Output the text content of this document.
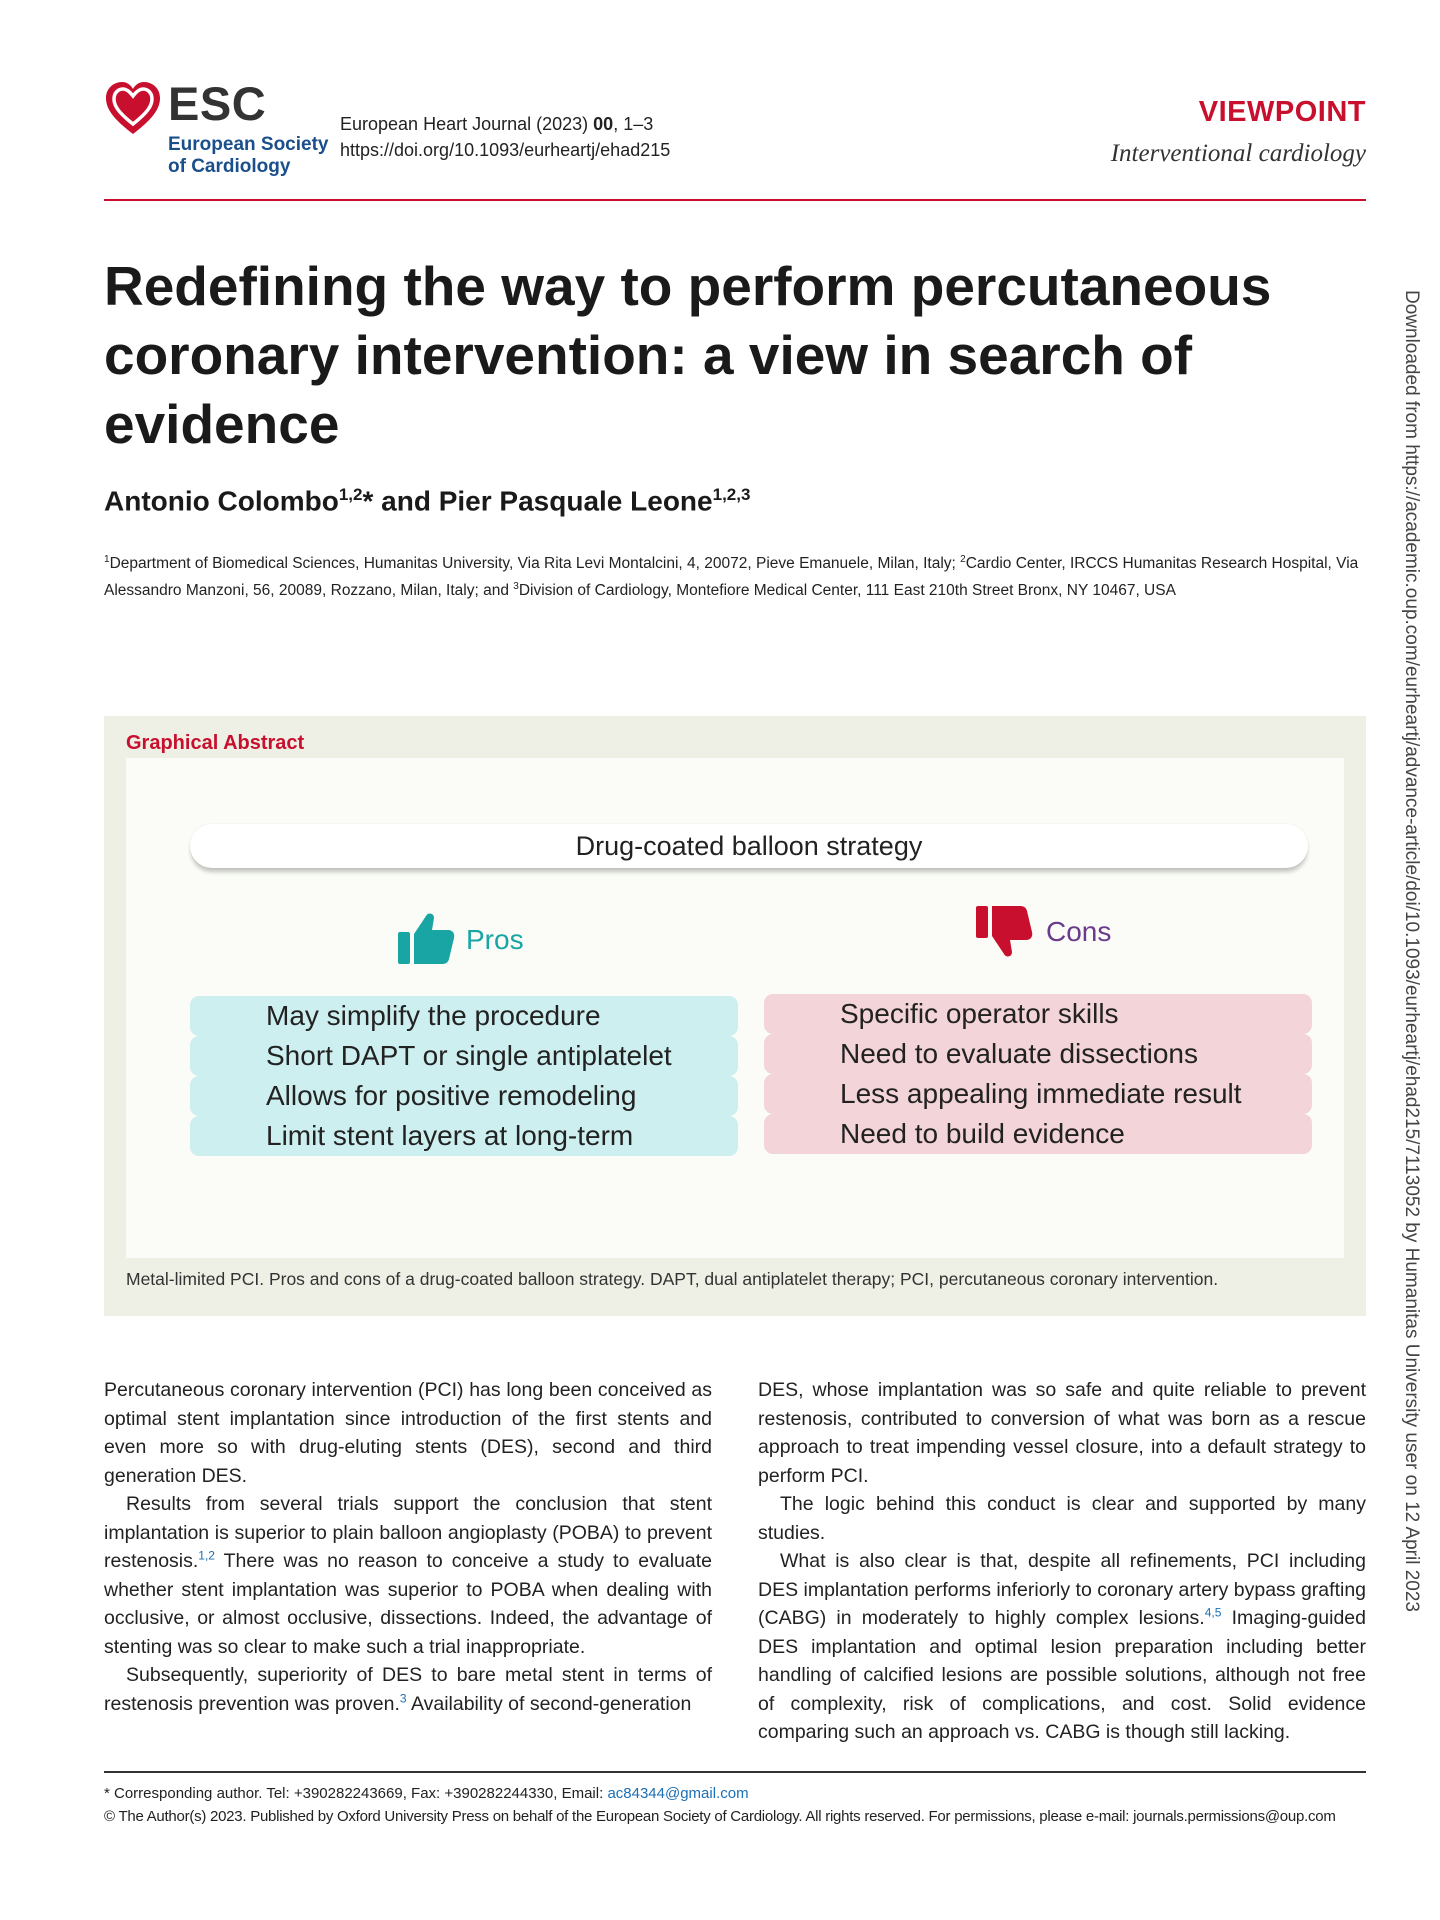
ESC
European Society
of Cardiology
European Heart Journal (2023) 00, 1–3
https://doi.org/10.1093/eurheartj/ehad215
VIEWPOINT
Interventional cardiology
Redefining the way to perform percutaneous coronary intervention: a view in search of evidence
Antonio Colombo$^{1,2}$* and Pier Pasquale Leone$^{1,2,3}$
$^1$Department of Biomedical Sciences, Humanitas University, Via Rita Levi Montalcini, 4, 20072, Pieve Emanuele, Milan, Italy; $^2$Cardio Center, IRCCS Humanitas Research Hospital, Via Alessandro Manzoni, 56, 20089, Rozzano, Milan, Italy; and $^3$Division of Cardiology, Montefiore Medical Center, 111 East 210th Street Bronx, NY 10467, USA
Graphical Abstract
Drug-coated balloon strategy
Pros	Cons
May simplify the procedure
Short DAPT or single antiplatelet
Allows for positive remodeling
Limit stent layers at long-term
Specific operator skills
Need to evaluate dissections
Less appealing immediate result
Need to build evidence
Metal-limited PCI. Pros and cons of a drug-coated balloon strategy. DAPT, dual antiplatelet therapy; PCI, percutaneous coronary intervention.

Percutaneous coronary intervention (PCI) has long been conceived as optimal stent implantation since introduction of the first stents and even more so with drug-eluting stents (DES), second and third generation DES.

Results from several trials support the conclusion that stent implantation is superior to plain balloon angioplasty (POBA) to prevent restenosis.$^{1,2}$ There was no reason to conceive a study to evaluate whether stent implantation was superior to POBA when dealing with occlusive, or almost occlusive, dissections. Indeed, the advantage of stenting was so clear to make such a trial inappropriate.

Subsequently, superiority of DES to bare metal stent in terms of restenosis prevention was proven.$^3$ Availability of second-generation

DES, whose implantation was so safe and quite reliable to prevent restenosis, contributed to conversion of what was born as a rescue approach to treat impending vessel closure, into a default strategy to perform PCI.

The logic behind this conduct is clear and supported by many studies.

What is also clear is that, despite all refinements, PCI including DES implantation performs inferiorly to coronary artery bypass grafting (CABG) in moderately to highly complex lesions.$^{4,5}$ Imaging-guided DES implantation and optimal lesion preparation including better handling of calcified lesions are possible solutions, although not free of complexity, risk of complications, and cost. Solid evidence comparing such an approach vs. CABG is though still lacking.

* Corresponding author. Tel: +390282243669, Fax: +390282244330, Email: ac84344@gmail.com
© The Author(s) 2023. Published by Oxford University Press on behalf of the European Society of Cardiology. All rights reserved. For permissions, please e-mail: journals.permissions@oup.com
Downloaded from https://academic.oup.com/eurheartj/advance-article/doi/10.1093/eurheartj/ehad215/7113052 by Humanitas University user on 12 April 2023
